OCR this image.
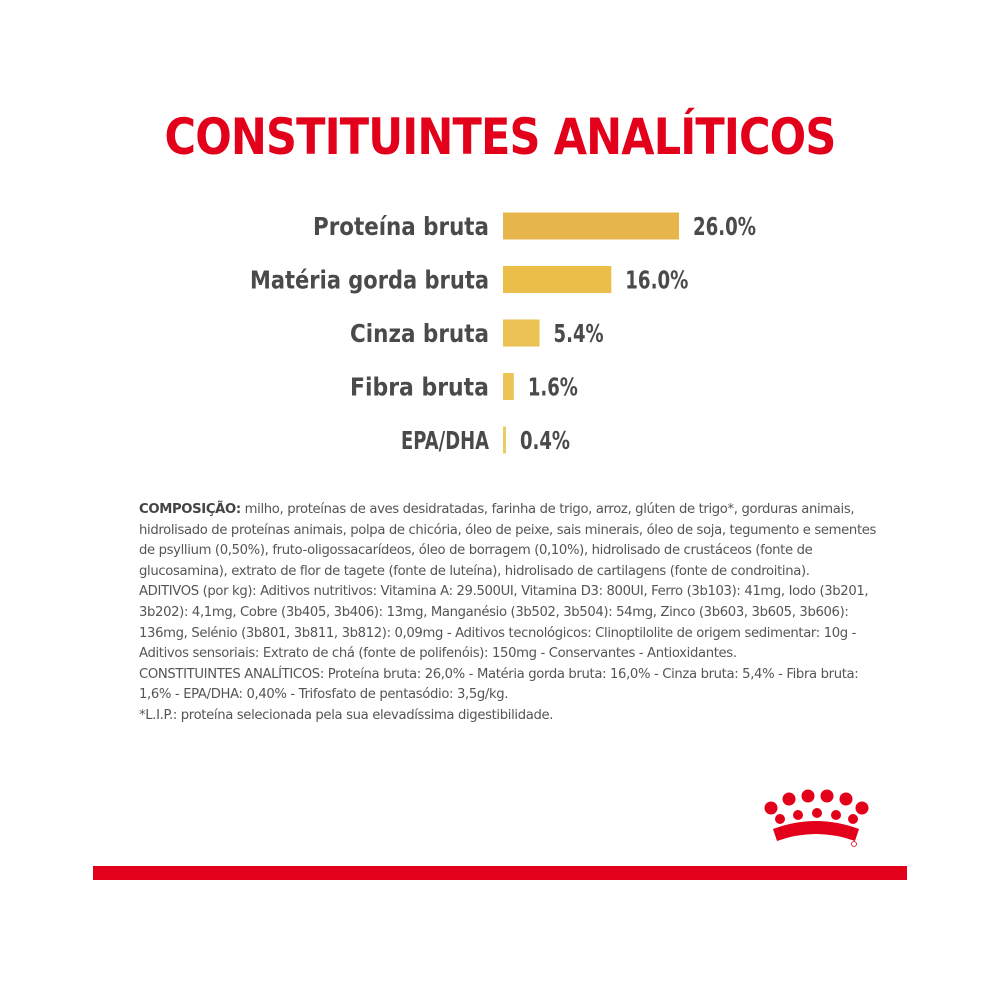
CONSTITUINTES ANALÍTICOS
Proteína bruta	26.0%
Matéria gorda bruta	16.0%
Cinza bruta	5.4%
Fibra bruta 1.6%
EPA/DHA 0.4%

COMPOSIÇÃO: milho, proteínas de aves desidratadas, farinha de trigo, arroz, glúten de trigo*, gorduras animais, hidrolisado de proteínas animais, polpa de chicória, óleo de peixe, sais minerais, óleo de soja, tegumento e sementes de psyllium (0,50%), fruto-oligossacarídeos, óleo de borragem (0,10%), hidrolisado de crustáceos (fonte de glucosamina), extrato de flor de tagete (fonte de luteína), hidrolisado de cartilagens (fonte de condroitina).

ADITIVOS (por kg): Aditivos nutritivos: Vitamina A: 29.500UI, Vitamina D3: 800UI, Ferro (3b103): 41mg, Iodo (3b201, 3b202): 4,1mg, Cobre (3b405, 3b406): 13mg, Manganésio (3b502, 3b504): 54mg, Zinco (3b603, 3b605, 3b606): 136mg, Selénio (3b801, 3b811, 3b812): 0,09mg - Aditivos tecnológicos: Clinoptilolite de origem sedimentar: 10g - Aditivos sensoriais: Extrato de chá (fonte de polifenóis): 150mg - Conservantes - Antioxidantes.

CONSTITUINTES ANALÍTICOS: Proteína bruta: 26,0% - Matéria gorda bruta: 16,0% - Cinza bruta: 5,4% - Fibra bruta: 1,6% - EPA/DHA: 0,40% - Trifosfato de pentasódio: 3,5g/kg.

*L.I.P.: proteína selecionada pela sua elevadíssima digestibilidade.
